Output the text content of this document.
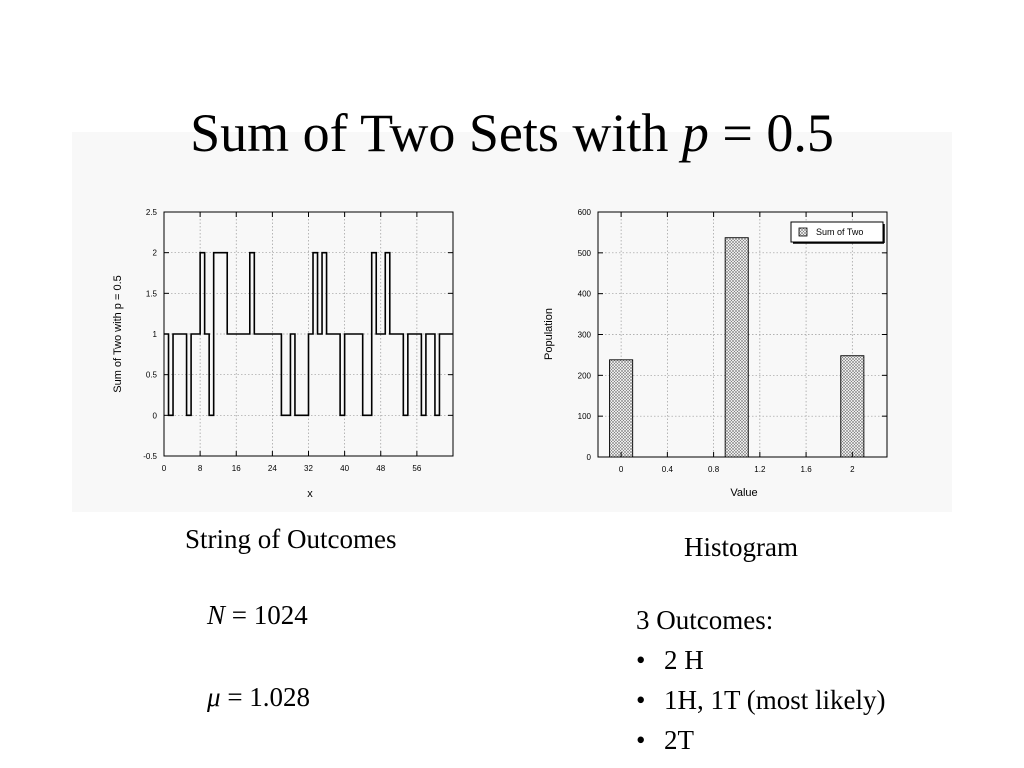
Sum of Two Sets with p = 0.5
0	8	16	24	32	40	48	56
-0.5
0
0.5
1
1.5
2
2.5
Sum of Two with p = 0.5
x
0	0.4	0.8	1.2	1.6	2
0
100
200
300
400
500
600
Sum of Two
Population
Value
String of Outcomes	Histogram
N = 1024
μ = 1.028
3 Outcomes:
• 2 H
• 1H, 1T (most likely)
• 2T
